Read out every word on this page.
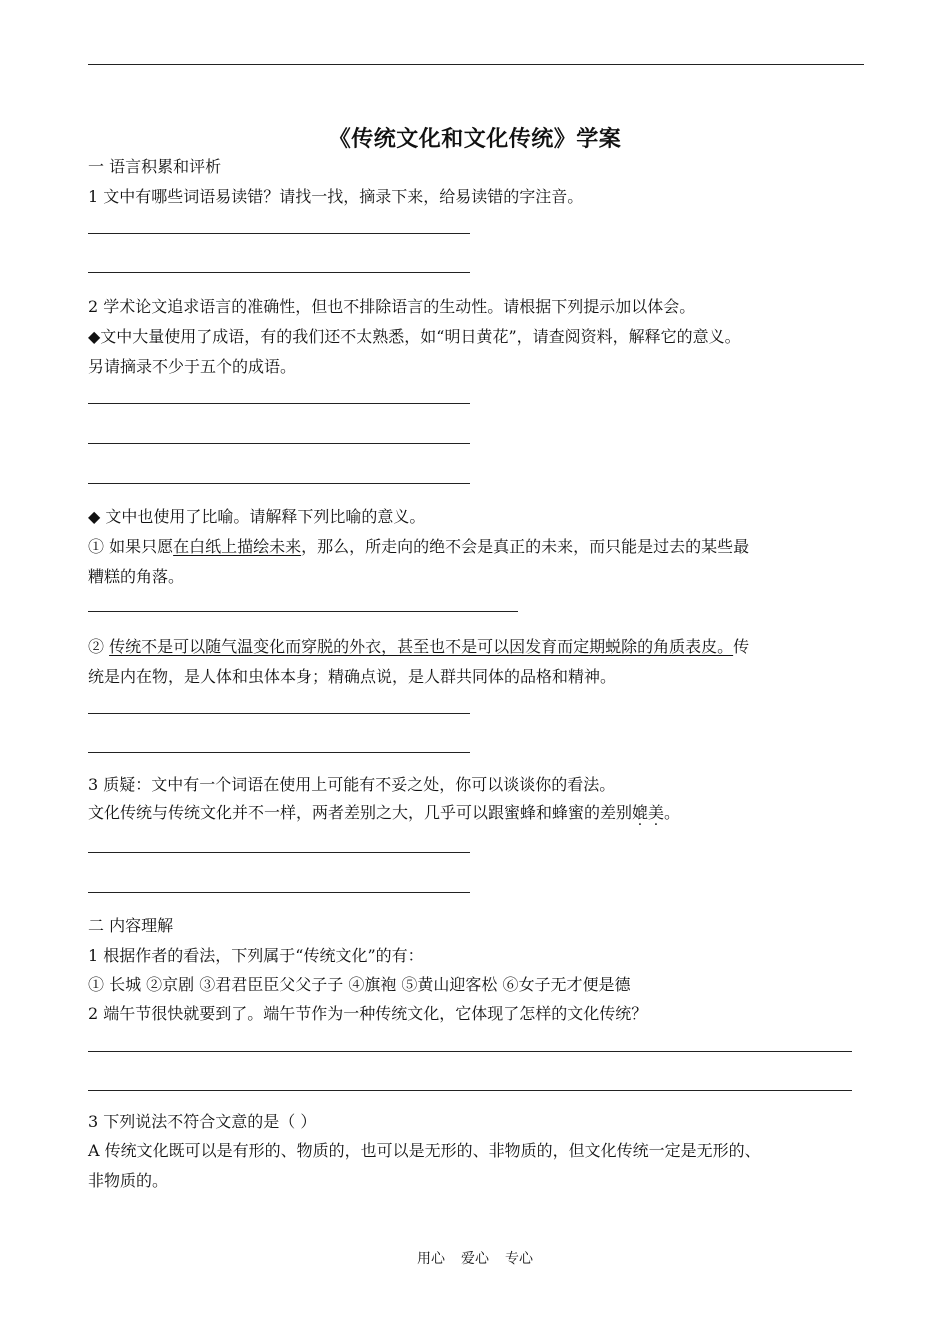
《传统文化和文化传统》学案
一 语言积累和评析
1 文中有哪些词语易读错？请找一找，摘录下来，给易读错的字注音。
2 学术论文追求语言的准确性，但也不排除语言的生动性。请根据下列提示加以体会。
◆文中大量使用了成语，有的我们还不太熟悉，如“明日黄花”，请查阅资料，解释它的意义。
另请摘录不少于五个的成语。
◆ 文中也使用了比喻。请解释下列比喻的意义。
① 如果只愿在白纸上描绘未来，那么，所走向的绝不会是真正的未来，而只能是过去的某些最
糟糕的角落。
② 传统不是可以随气温变化而穿脱的外衣，甚至也不是可以因发育而定期蜕除的角质表皮。传
统是内在物，是人体和虫体本身；精确点说，是人群共同体的品格和精神。
3 质疑：文中有一个词语在使用上可能有不妥之处，你可以谈谈你的看法。
文化传统与传统文化并不一样，两者差别之大，几乎可以跟蜜蜂和蜂蜜的差别媲美。
二 内容理解
1 根据作者的看法，下列属于“传统文化”的有：
① 长城 ②京剧 ③君君臣臣父父子子 ④旗袍 ⑤黄山迎客松 ⑥女子无才便是德
2 端午节很快就要到了。端午节作为一种传统文化，它体现了怎样的文化传统？
3 下列说法不符合文意的是（ ）
A 传统文化既可以是有形的、物质的，也可以是无形的、非物质的，但文化传统一定是无形的、
非物质的。
用心 爱心 专心
